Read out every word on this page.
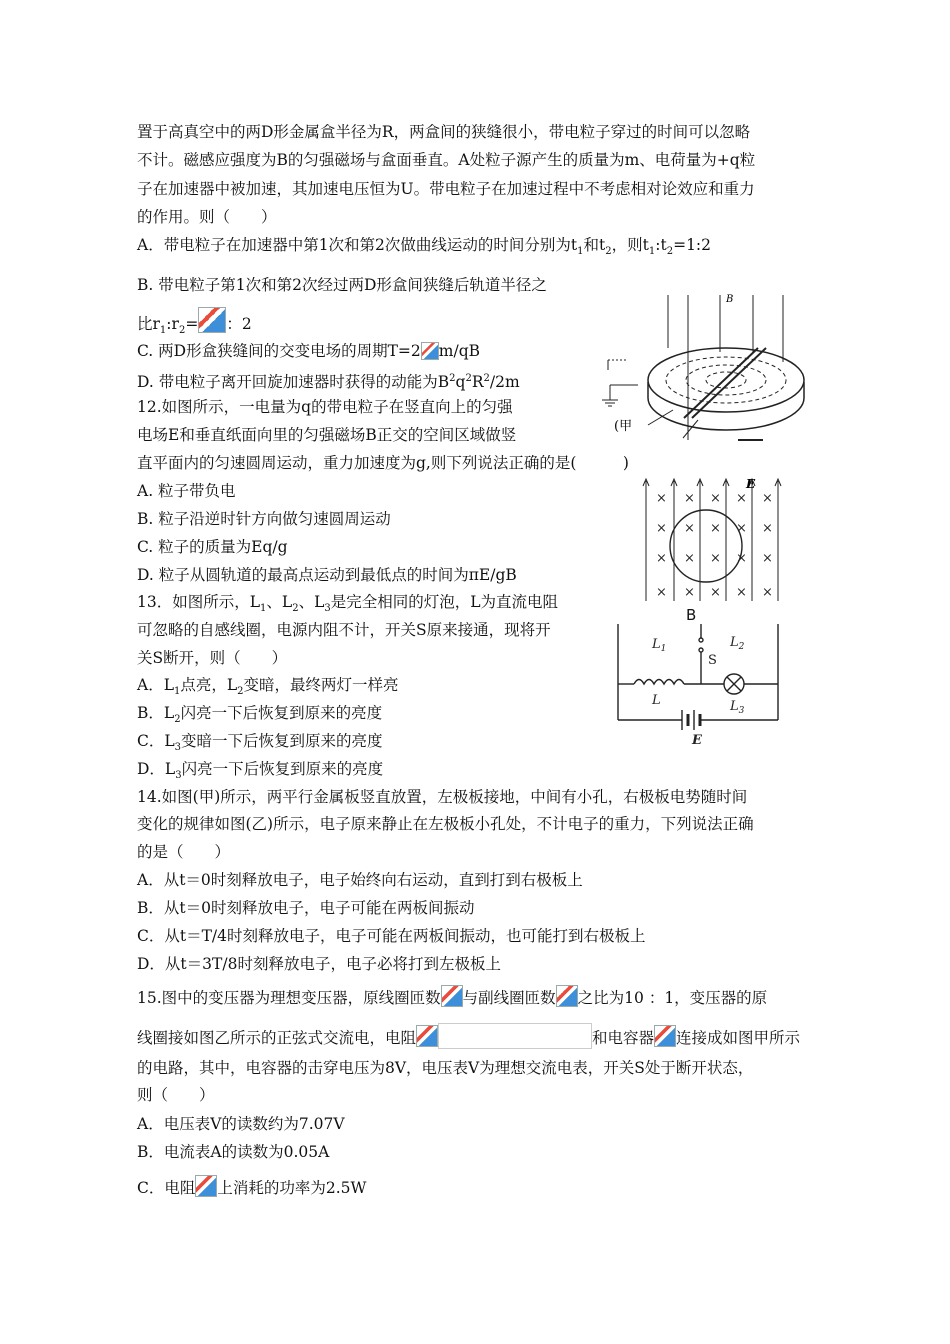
置于高真空中的两D形金属盒半径为R，两盒间的狭缝很小，带电粒子穿过的时间可以忽略
不计。磁感应强度为B的匀强磁场与盒面垂直。A处粒子源产生的质量为m、电荷量为+q粒
子在加速器中被加速，其加速电压恒为U。带电粒子在加速过程中不考虑相对论效应和重力
的作用。则（　　）
A．带电粒子在加速器中第1次和第2次做曲线运动的时间分别为$t_1$和$t_2$，则$t_1:t_2=1:2$
B. 带电粒子第1次和第2次经过两D形盒间狭缝后轨道半径之
比$r_1:r_2=$ ：2
C. 两D形盒狭缝间的交变电场的周期T=2 m/qB
D. 带电粒子离开回旋加速器时获得的动能为$B^2q^2R^2/2m$
12.如图所示，一电量为q的带电粒子在竖直向上的匀强
电场E和垂直纸面向里的匀强磁场B正交的空间区域做竖
直平面内的匀速圆周运动，重力加速度为g,则下列说法正确的是(　　　)
A. 粒子带负电
B. 粒子沿逆时针方向做匀速圆周运动
C. 粒子的质量为Eq/g
D. 粒子从圆轨道的最高点运动到最低点的时间为πE/gB
13．如图所示，$L_1$、$L_2$、$L_3$是完全相同的灯泡，L为直流电阻
可忽略的自感线圈，电源内阻不计，开关S原来接通，现将开
关S断开，则（　　）
A．$L_1$点亮，$L_2$变暗，最终两灯一样亮
B．$L_2$闪亮一下后恢复到原来的亮度
C．$L_3$变暗一下后恢复到原来的亮度
D．$L_3$闪亮一下后恢复到原来的亮度
14.如图(甲)所示，两平行金属板竖直放置，左极板接地，中间有小孔，右极板电势随时间
变化的规律如图(乙)所示，电子原来静止在左极板小孔处，不计电子的重力，下列说法正确
的是（　　）
A．从t＝0时刻释放电子，电子始终向右运动，直到打到右极板上
B．从t＝0时刻释放电子，电子可能在两板间振动
C．从t＝T/4时刻释放电子，电子可能在两板间振动，也可能打到右极板上
D．从t＝3T/8时刻释放电子，电子必将打到左极板上
15.图中的变压器为理想变压器，原线圈匝数 与副线圈匝数 之比为10 ：1，变压器的原
线圈接如图乙所示的正弦式交流电，电阻	和电容器 连接成如图甲所示
的电路，其中，电容器的击穿电压为8V，电压表V为理想交流电表，开关S处于断开状态，
则（　　）
A．电压表V的读数约为7.07V
B．电流表A的读数为0.05A
C．电阻 上消耗的功率为2.5W
B
(甲
× × × × ×
× × × × ×
× × × × ×
× × × × ×
E
B
$L_1$	$L_2$
S
L	$L_3$
E
